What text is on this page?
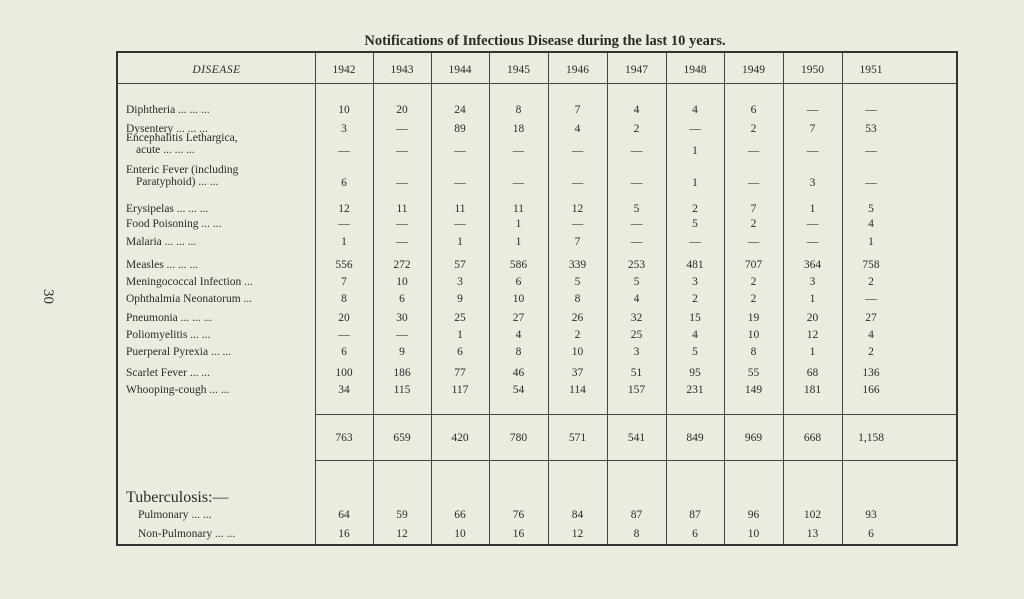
30
Notifications of Infectious Disease during the last 10 years.
DISEASE	1942	1943	1944	1945	1946	1947	1948	1949	1950	1951
Diphtheria ... ... ...	10	20	24	8	7	4	4	6	—	—
Dysentery ... ... ...	3	—	89	18	4	2	—	2	7	53
Encephalitis Lethargica,
acute ... ... ...	—	—	—	—	—	—	1	—	—	—
Enteric Fever (including
Paratyphoid) ... ...	6	—	—	—	—	—	1	—	3	—
Erysipelas ... ... ...	12	11	11	11	12	5	2	7	1	5
Food Poisoning ... ...	—	—	—	1	—	—	5	2	—	4
Malaria ... ... ...	1	—	1	1	7	—	—	—	—	1
Measles ... ... ...	556	272	57	586	339	253	481	707	364	758
Meningococcal Infection ...	7	10	3	6	5	5	3	2	3	2
Ophthalmia Neonatorum ...	8	6	9	10	8	4	2	2	1	—
Pneumonia ... ... ...	20	30	25	27	26	32	15	19	20	27
Poliomyelitis ... ...	—	—	1	4	2	25	4	10	12	4
Puerperal Pyrexia ... ...	6	9	6	8	10	3	5	8	1	2
Scarlet Fever ... ...	100	186	77	46	37	51	95	55	68	136
Whooping-cough ... ...	34	115	117	54	114	157	231	149	181	166
763	659	420	780	571	541	849	969	668	1,158
Tuberculosis:—
Pulmonary ... ...	64	59	66	76	84	87	87	96	102	93
Non-Pulmonary ... ...	16	12	10	16	12	8	6	10	13	6
